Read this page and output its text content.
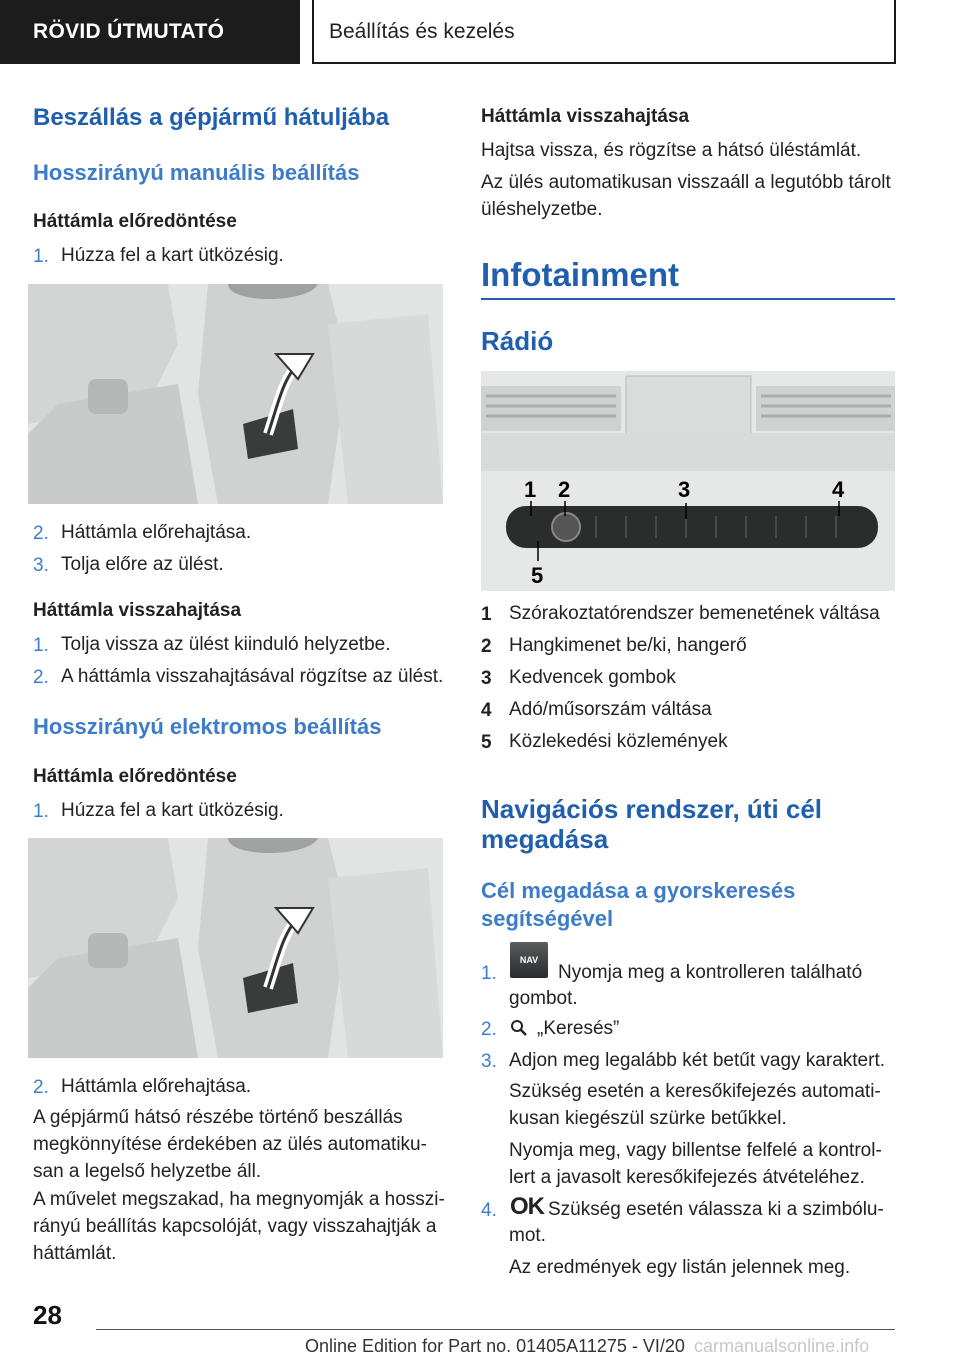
RÖVID ÚTMUTATÓ	Beállítás és kezelés
Beszállás a gépjármű hátuljába
Hosszirányú manuális beállítás
Háttámla előredöntése
1. Húzza fel a kart ütközésig.
2. Háttámla előrehajtása.
3. Tolja előre az ülést.
Háttámla visszahajtása
1. Tolja vissza az ülést kiinduló helyzetbe.
2. A háttámla visszahajtásával rögzítse az ülést.
Hosszirányú elektromos beállítás
Háttámla előredöntése
1. Húzza fel a kart ütközésig.
2. Háttámla előrehajtása.
A gépjármű hátsó részébe történő beszállás
megkönnyítése érdekében az ülés automatiku-
san a legelső helyzetbe áll.
A művelet megszakad, ha megnyomják a hosszi-
rányú beállítás kapcsolóját, vagy visszahajtják a
háttámlát.
Háttámla visszahajtása
Hajtsa vissza, és rögzítse a hátsó üléstámlát.
Az ülés automatikusan visszaáll a legutóbb tárolt
üléshelyzetbe.
Infotainment
Rádió
1 2	3	4
5
1 Szórakoztatórendszer bemenetének váltása
2 Hangkimenet be/ki, hangerő
3 Kedvencek gombok
4 Adó/műsorszám váltása
5 Közlekedési közlemények
Navigációs rendszer, úti cél
megadása
Cél megadása a gyorskeresés
segítségével
1.
NAV
Nyomja meg a kontrolleren található
gombot.
2. „Keresés”
3. Adjon meg legalább két betűt vagy karaktert.
Szükség esetén a keresőkifejezés automati-
kusan kiegészül szürke betűkkel.
Nyomja meg, vagy billentse felfelé a kontrol-
lert a javasolt keresőkifejezés átvételéhez.
4. OK Szükség esetén válassza ki a szimbólu-
mot.
Az eredmények egy listán jelennek meg.
28
Online Edition for Part no. 01405A11275 - VI/20 carmanualsonline.info
